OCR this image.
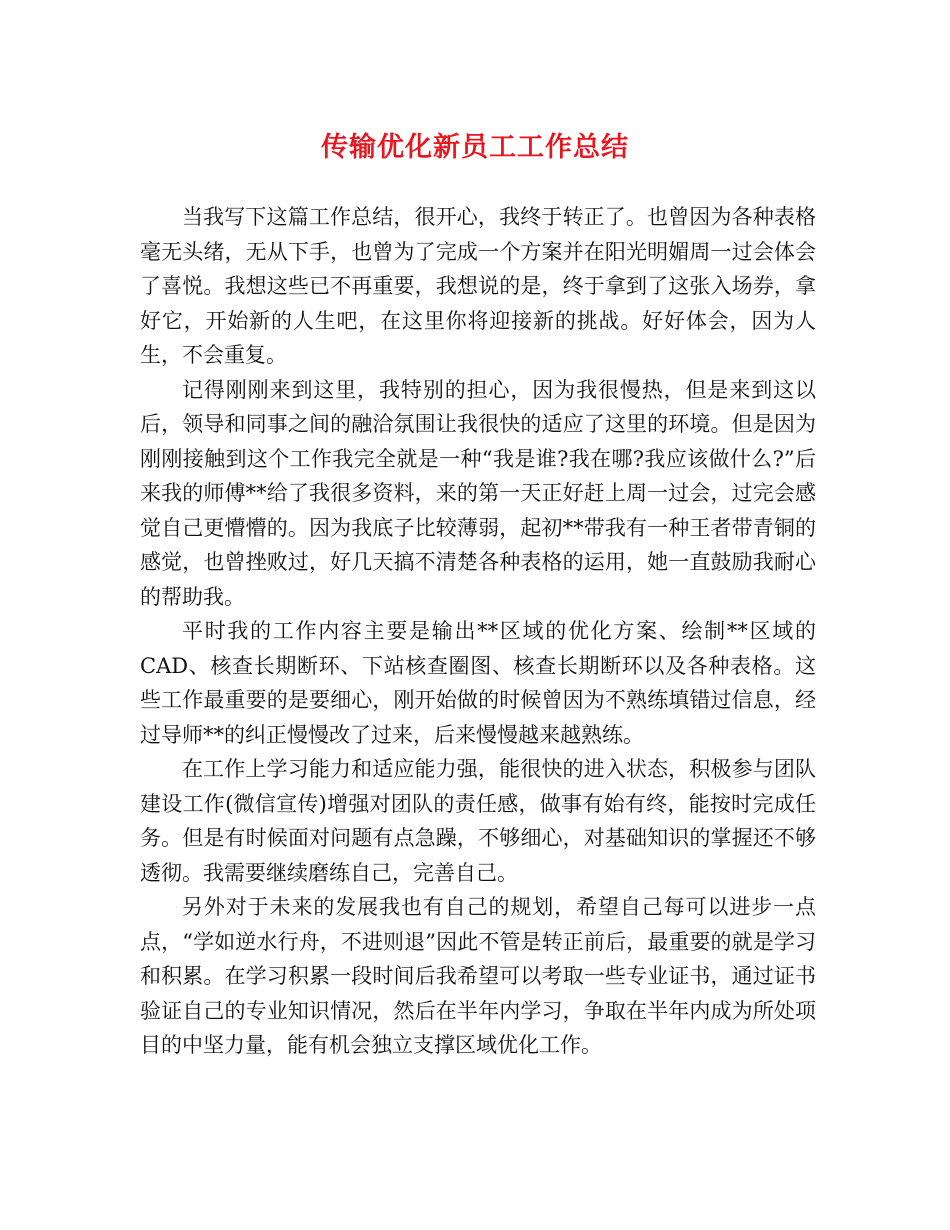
传输优化新员工工作总结

当我写下这篇工作总结，很开心，我终于转正了。也曾因为各种表格毫无头绪，无从下手，也曾为了完成一个方案并在阳光明媚周一过会体会了喜悦。我想这些已不再重要，我想说的是，终于拿到了这张入场券，拿好它，开始新的人生吧，在这里你将迎接新的挑战。好好体会，因为人生，不会重复。

记得刚刚来到这里，我特别的担心，因为我很慢热，但是来到这以后，领导和同事之间的融洽氛围让我很快的适应了这里的环境。但是因为刚刚接触到这个工作我完全就是一种“我是谁?我在哪?我应该做什么?”后来我的师傅**给了我很多资料，来的第一天正好赶上周一过会，过完会感觉自己更懵懵的。因为我底子比较薄弱，起初**带我有一种王者带青铜的感觉，也曾挫败过，好几天搞不清楚各种表格的运用，她一直鼓励我耐心的帮助我。

平时我的工作内容主要是输出**区域的优化方案、绘制**区域的CAD、核查长期断环、下站核查圈图、核查长期断环以及各种表格。这些工作最重要的是要细心，刚开始做的时候曾因为不熟练填错过信息，经过导师**的纠正慢慢改了过来，后来慢慢越来越熟练。

在工作上学习能力和适应能力强，能很快的进入状态，积极参与团队建设工作(微信宣传)增强对团队的责任感，做事有始有终，能按时完成任务。但是有时候面对问题有点急躁，不够细心，对基础知识的掌握还不够透彻。我需要继续磨练自己，完善自己。

另外对于未来的发展我也有自己的规划，希望自己每可以进步一点点，“学如逆水行舟，不进则退”因此不管是转正前后，最重要的就是学习和积累。在学习积累一段时间后我希望可以考取一些专业证书，通过证书验证自己的专业知识情况，然后在半年内学习，争取在半年内成为所处项目的中坚力量，能有机会独立支撑区域优化工作。
